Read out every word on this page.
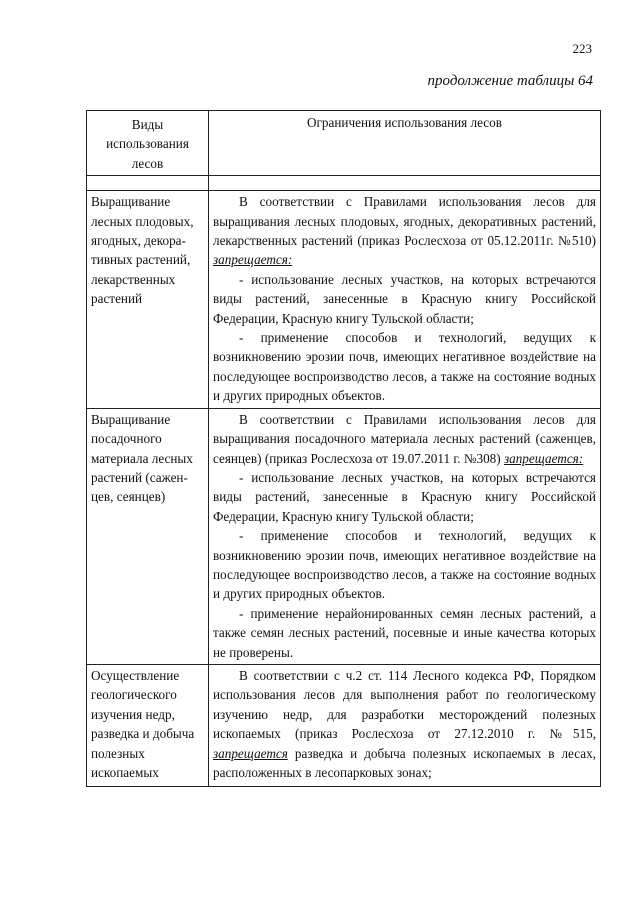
223
продолжение таблицы 64
Виды использования лесов	Ограничения использования лесов

Выращивание лесных плодовых, ягодных, декора-тивных растений, лекарственных растений	В соответствии с Правилами использования лесов для выращивания лесных плодовых, ягодных, декоративных растений, лекарственных растений (приказ Рослесхоза от 05.12.2011г. №510) запрещается:

- использование лесных участков, на которых встречаются виды растений, занесенные в Красную книгу Российской Федерации, Красную книгу Тульской области;

- применение способов и технологий, ведущих к возникновению эрозии почв, имеющих негативное воздействие на последующее воспроизводство лесов, а также на состояние водных и других природных объектов.

Выращивание посадочного материала лесных растений (сажен-цев, сеянцев)	В соответствии с Правилами использования лесов для выращивания посадочного материала лесных растений (саженцев, сеянцев) (приказ Рослесхоза от 19.07.2011 г. №308) запрещается:

- использование лесных участков, на которых встречаются виды растений, занесенные в Красную книгу Российской Федерации, Красную книгу Тульской области;

- применение способов и технологий, ведущих к возникновению эрозии почв, имеющих негативное воздействие на последующее воспроизводство лесов, а также на состояние водных и других природных объектов.

- применение нерайонированных семян лесных растений, а также семян лесных растений, посевные и иные качества которых не проверены.

Осуществление геологического изучения недр, разведка и добыча полезных ископаемых	В соответствии с ч.2 ст. 114 Лесного кодекса РФ, Порядком использования лесов для выполнения работ по геологическому изучению недр, для разработки месторождений полезных ископаемых (приказ Рослесхоза от 27.12.2010 г. №515, запрещается разведка и добыча полезных ископаемых в лесах, расположенных в лесопарковых зонах;
